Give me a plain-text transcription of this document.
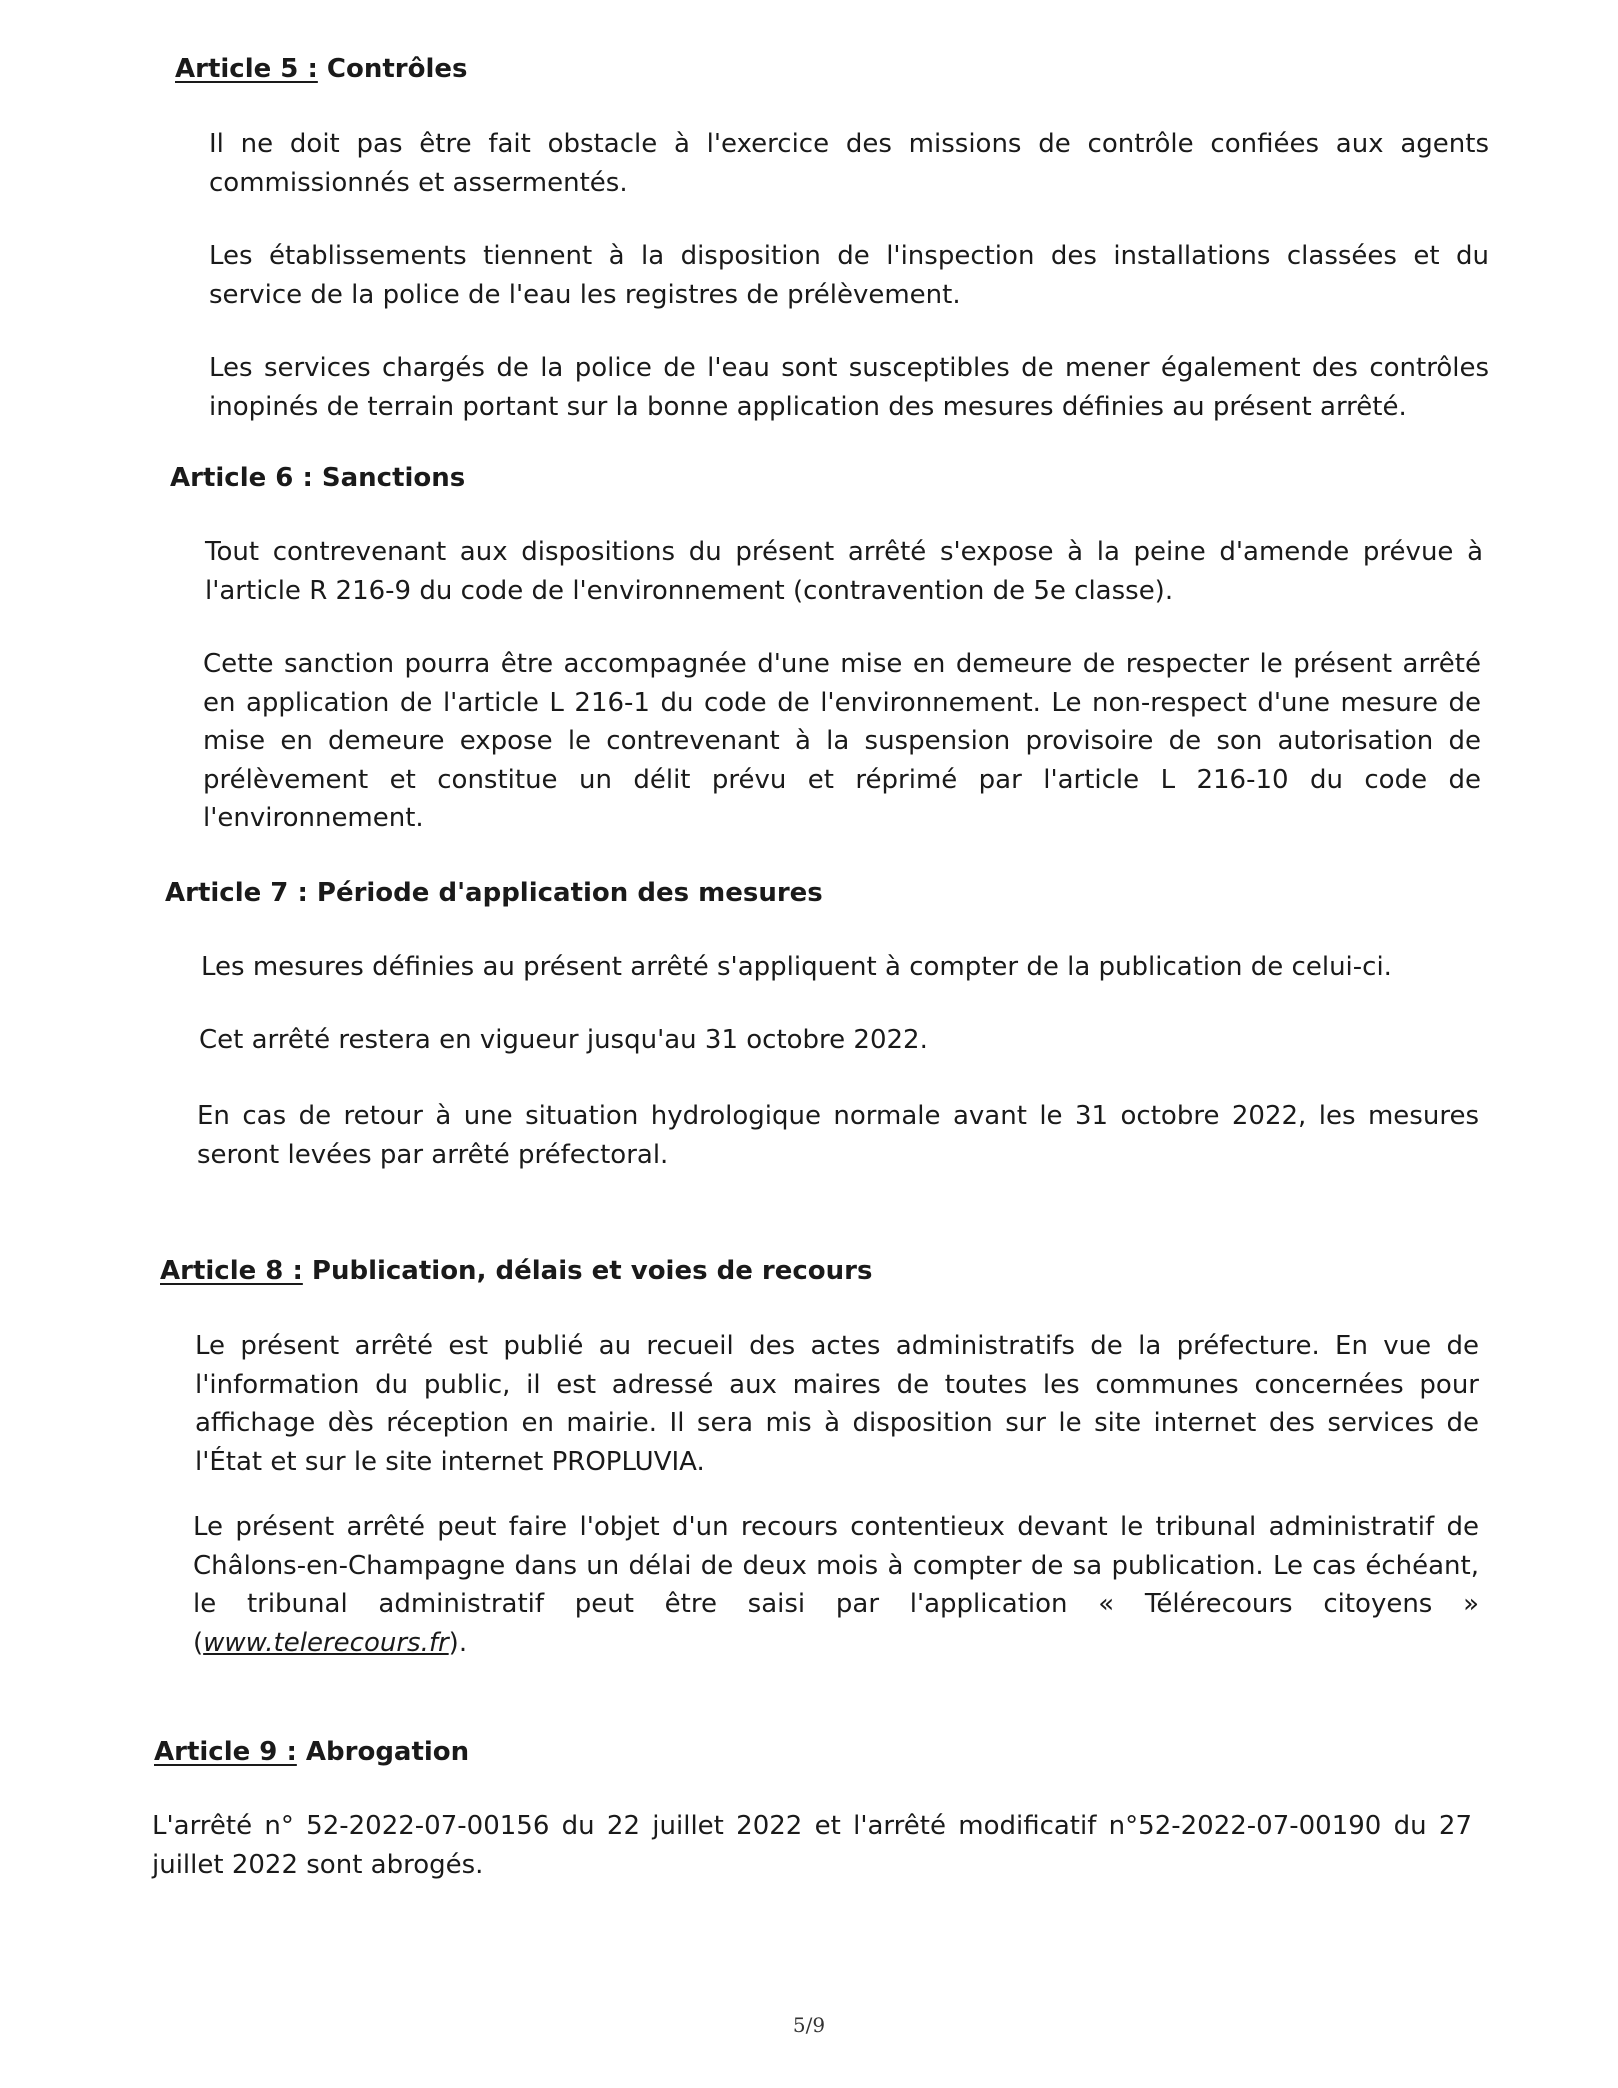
Article 5 : Contrôles

Il ne doit pas être fait obstacle à l'exercice des missions de contrôle confiées aux agents commissionnés et assermentés.

Les établissements tiennent à la disposition de l'inspection des installations classées et du service de la police de l'eau les registres de prélèvement.

Les services chargés de la police de l'eau sont susceptibles de mener également des contrôles inopinés de terrain portant sur la bonne application des mesures définies au présent arrêté.

Article 6 : Sanctions

Tout contrevenant aux dispositions du présent arrêté s'expose à la peine d'amende prévue à l'article R 216-9 du code de l'environnement (contravention de 5e classe).

Cette sanction pourra être accompagnée d'une mise en demeure de respecter le présent arrêté en application de l'article L 216-1 du code de l'environnement. Le non-respect d'une mesure de mise en demeure expose le contrevenant à la suspension provisoire de son autorisation de prélèvement et constitue un délit prévu et réprimé par l'article L 216-10 du code de l'environnement.

Article 7 : Période d'application des mesures

Les mesures définies au présent arrêté s'appliquent à compter de la publication de celui-ci.

Cet arrêté restera en vigueur jusqu'au 31 octobre 2022.

En cas de retour à une situation hydrologique normale avant le 31 octobre 2022, les mesures seront levées par arrêté préfectoral.

Article 8 : Publication, délais et voies de recours

Le présent arrêté est publié au recueil des actes administratifs de la préfecture. En vue de l'information du public, il est adressé aux maires de toutes les communes concernées pour affichage dès réception en mairie. Il sera mis à disposition sur le site internet des services de l'État et sur le site internet PROPLUVIA.

Le présent arrêté peut faire l'objet d'un recours contentieux devant le tribunal administratif de Châlons-en-Champagne dans un délai de deux mois à compter de sa publication. Le cas échéant, le tribunal administratif peut être saisi par l'application « Télérecours citoyens » (www.telerecours.fr).

Article 9 : Abrogation

L'arrêté n° 52-2022-07-00156 du 22 juillet 2022 et l'arrêté modificatif n°52-2022-07-00190 du 27 juillet 2022 sont abrogés.

5/9
